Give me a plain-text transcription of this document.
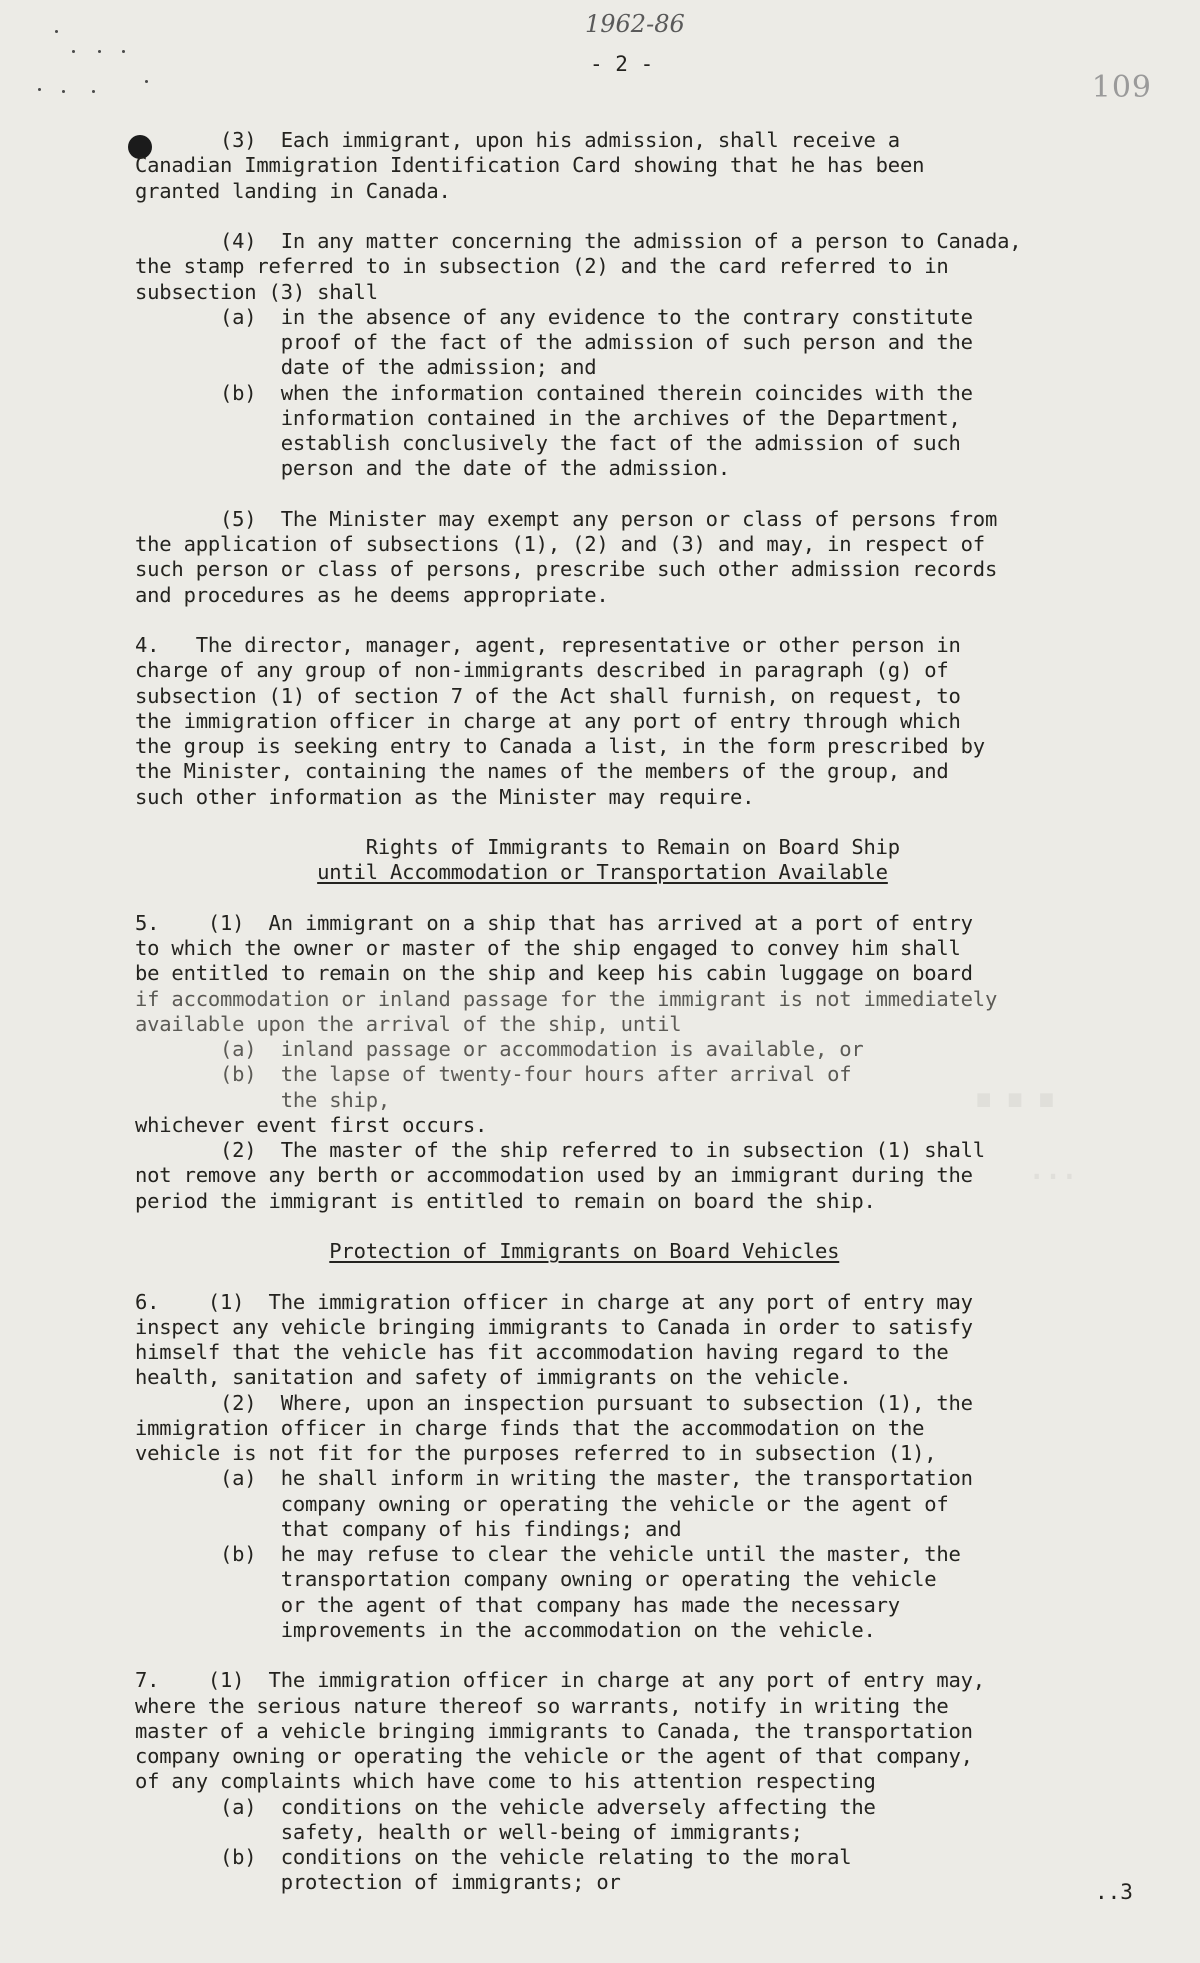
1962-86
- 2 -
109
...
...
(3)  Each immigrant, upon his admission, shall receive a
Canadian Immigration Identification Card showing that he has been
granted landing in Canada.
(4)  In any matter concerning the admission of a person to Canada,
the stamp referred to in subsection (2) and the card referred to in
subsection (3) shall
(a)  in the absence of any evidence to the contrary constitute
proof of the fact of the admission of such person and the
date of the admission; and
(b)  when the information contained therein coincides with the
information contained in the archives of the Department,
establish conclusively the fact of the admission of such
person and the date of the admission.
(5)  The Minister may exempt any person or class of persons from
the application of subsections (1), (2) and (3) and may, in respect of
such person or class of persons, prescribe such other admission records
and procedures as he deems appropriate.
4.   The director, manager, agent, representative or other person in
charge of any group of non-immigrants described in paragraph (g) of
subsection (1) of section 7 of the Act shall furnish, on request, to
the immigration officer in charge at any port of entry through which
the group is seeking entry to Canada a list, in the form prescribed by
the Minister, containing the names of the members of the group, and
such other information as the Minister may require.
Rights of Immigrants to Remain on Board Ship
until Accommodation or Transportation Available
5.    (1)  An immigrant on a ship that has arrived at a port of entry
to which the owner or master of the ship engaged to convey him shall
be entitled to remain on the ship and keep his cabin luggage on board
if accommodation or inland passage for the immigrant is not immediately
available upon the arrival of the ship, until
(a)  inland passage or accommodation is available, or
(b)  the lapse of twenty-four hours after arrival of
the ship,
whichever event first occurs.
(2)  The master of the ship referred to in subsection (1) shall
not remove any berth or accommodation used by an immigrant during the
period the immigrant is entitled to remain on board the ship.
Protection of Immigrants on Board Vehicles
6.    (1)  The immigration officer in charge at any port of entry may
inspect any vehicle bringing immigrants to Canada in order to satisfy
himself that the vehicle has fit accommodation having regard to the
health, sanitation and safety of immigrants on the vehicle.
(2)  Where, upon an inspection pursuant to subsection (1), the
immigration officer in charge finds that the accommodation on the
vehicle is not fit for the purposes referred to in subsection (1),
(a)  he shall inform in writing the master, the transportation
company owning or operating the vehicle or the agent of
that company of his findings; and
(b)  he may refuse to clear the vehicle until the master, the
transportation company owning or operating the vehicle
or the agent of that company has made the necessary
improvements in the accommodation on the vehicle.
7.    (1)  The immigration officer in charge at any port of entry may,
where the serious nature thereof so warrants, notify in writing the
master of a vehicle bringing immigrants to Canada, the transportation
company owning or operating the vehicle or the agent of that company,
of any complaints which have come to his attention respecting
(a)  conditions on the vehicle adversely affecting the
safety, health or well-being of immigrants;
(b)  conditions on the vehicle relating to the moral
protection of immigrants; or	..3
